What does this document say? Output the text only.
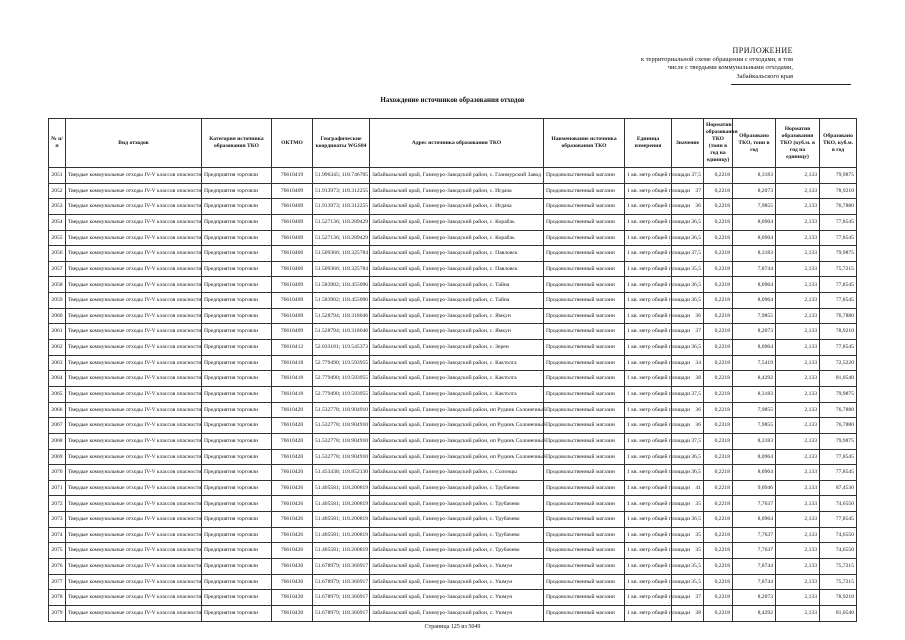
ПРИЛОЖЕНИЕ
к территориальной схеме обращения с отходами, в том
числе с твердыми коммунальными отходами,
Забайкальского края
Нахождение источников образования отходов
№ п/п	Вид отходов	Категория источника образования ТКО	ОКТМО	Географические координаты WGS84	Адрес источника образования ТКО	Наименование источника образования ТКО	Единица измерения	Значение	Норматив образования ТКО (тонн в год на единицу)	Образовано ТКО, тонн в год	Норматив образования ТКО (куб.м. в год на единицу)	Образовано ТКО, куб.м. в год
2051	Твердые коммунальные отходы IV-V классов опасности	Предприятия торговли	76610419	51.996345; 118.746705	Забайкальский край, Газимуро-Заводский район, с. Газимурский Завод	Продовольственный магазин	1 кв. метр общей площади	37,5	0,2218	8,3183	2,133	79,9875
2052	Твердые коммунальные отходы IV-V классов опасности	Предприятия торговли	76610409	51.913973; 118.312255	Забайкальский край, Газимуро-Заводский район, с. Игдача	Продовольственный магазин	1 кв. метр общей площади	37	0,2218	8,2073	2,133	78,9210
2053	Твердые коммунальные отходы IV-V классов опасности	Предприятия торговли	76610409	51.913973; 118.312255	Забайкальский край, Газимуро-Заводский район, с. Игдача	Продовольственный магазин	1 кв. метр общей площади	36	0,2218	7,9855	2,133	76,7880
2054	Твердые коммунальные отходы IV-V классов опасности	Предприятия торговли	76610409	51.527136; 118.289429	Забайкальский край, Газимуро-Заводский район, с. Корабль	Продовольственный магазин	1 кв. метр общей площади	36,5	0,2218	8,0964	2,133	77,8545
2055	Твердые коммунальные отходы IV-V классов опасности	Предприятия торговли	76610409	51.527136; 118.289429	Забайкальский край, Газимуро-Заводский район, с. Корабль	Продовольственный магазин	1 кв. метр общей площади	36,5	0,2218	8,0964	2,133	77,8545
2056	Твердые коммунальные отходы IV-V классов опасности	Предприятия торговли	76610406	51.509366; 118.325784	Забайкальский край, Газимуро-Заводский район, с. Павловск	Продовольственный магазин	1 кв. метр общей площади	37,5	0,2218	8,3183	2,133	79,9875
2057	Твердые коммунальные отходы IV-V классов опасности	Предприятия торговли	76610406	51.509366; 118.325784	Забайкальский край, Газимуро-Заводский район, с. Павловск	Продовольственный магазин	1 кв. метр общей площади	35,5	0,2218	7,8744	2,133	75,7215
2058	Твердые коммунальные отходы IV-V классов опасности	Предприятия торговли	76610409	51.583902; 118.455096	Забайкальский край, Газимуро-Заводский район, с. Тайна	Продовольственный магазин	1 кв. метр общей площади	36,5	0,2218	8,0964	2,133	77,8545
2059	Твердые коммунальные отходы IV-V классов опасности	Предприятия торговли	76610409	51.583902; 118.455096	Забайкальский край, Газимуро-Заводский район, с. Тайна	Продовольственный магазин	1 кв. метр общей площади	36,5	0,2218	8,0964	2,133	77,8545
2060	Твердые коммунальные отходы IV-V классов опасности	Предприятия торговли	76610409	51.528794; 118.318046	Забайкальский край, Газимуро-Заводский район, с. Ямкун	Продовольственный магазин	1 кв. метр общей площади	36	0,2218	7,9855	2,133	76,7880
2061	Твердые коммунальные отходы IV-V классов опасности	Предприятия торговли	76610409	51.528794; 118.318046	Забайкальский край, Газимуро-Заводский район, с. Ямкун	Продовольственный магазин	1 кв. метр общей площади	37	0,2218	8,2073	2,133	78,9210
2062	Твердые коммунальные отходы IV-V классов опасности	Предприятия торговли	76610412	52.033181; 119.545373	Забайкальский край, Газимуро-Заводский район, с. Зерен	Продовольственный магазин	1 кв. метр общей площади	36,5	0,2218	8,0964	2,133	77,8545
2063	Твердые коммунальные отходы IV-V классов опасности	Предприятия торговли	76610418	52.779490; 119.593955	Забайкальский край, Газимуро-Заводский район, с. Кактолга	Продовольственный магазин	1 кв. метр общей площади	34	0,2218	7,5419	2,133	72,5220
2064	Твердые коммунальные отходы IV-V классов опасности	Предприятия торговли	76610418	52.779490; 119.593955	Забайкальский край, Газимуро-Заводский район, с. Кактолга	Продовольственный магазин	1 кв. метр общей площади	38	0,2218	8,4292	2,133	81,0540
2065	Твердые коммунальные отходы IV-V классов опасности	Предприятия торговли	76610418	52.779490; 119.593955	Забайкальский край, Газимуро-Заводский район, с. Кактолга	Продовольственный магазин	1 кв. метр общей площади	37,5	0,2218	8,3183	2,133	79,9875
2066	Твердые коммунальные отходы IV-V классов опасности	Предприятия торговли	76610420	51.532778; 118.904910	Забайкальский край, Газимуро-Заводский район, нп Рудник Солонечный	Продовольственный магазин	1 кв. метр общей площади	36	0,2218	7,9855	2,133	76,7880
2067	Твердые коммунальные отходы IV-V классов опасности	Предприятия торговли	76610420	51.532778; 118.904910	Забайкальский край, Газимуро-Заводский район, нп Рудник Солонечный	Продовольственный магазин	1 кв. метр общей площади	36	0,2218	7,9855	2,133	76,7880
2068	Твердые коммунальные отходы IV-V классов опасности	Предприятия торговли	76610420	51.532778; 118.904910	Забайкальский край, Газимуро-Заводский район, нп Рудник Солонечный	Продовольственный магазин	1 кв. метр общей площади	37,5	0,2218	8,3183	2,133	79,9875
2069	Твердые коммунальные отходы IV-V классов опасности	Предприятия торговли	76610420	51.532778; 118.904910	Забайкальский край, Газимуро-Заводский район, нп Рудник Солонечный	Продовольственный магазин	1 кв. метр общей площади	36,5	0,2218	8,0964	2,133	77,8545
2070	Твердые коммунальные отходы IV-V классов опасности	Предприятия торговли	76610420	51.453438; 118.852130	Забайкальский край, Газимуро-Заводский район, с. Солонцы	Продовольственный магазин	1 кв. метр общей площади	36,5	0,2218	8,0964	2,133	77,8545
2071	Твердые коммунальные отходы IV-V классов опасности	Предприятия торговли	76610426	51.405581; 118.200819	Забайкальский край, Газимуро-Заводский район, с. Трубачево	Продовольственный магазин	1 кв. метр общей площади	41	0,2218	9,0946	2,133	87,4530
2072	Твердые коммунальные отходы IV-V классов опасности	Предприятия торговли	76610426	51.405581; 118.200819	Забайкальский край, Газимуро-Заводский район, с. Трубачево	Продовольственный магазин	1 кв. метр общей площади	35	0,2218	7,7637	2,133	74,6550
2073	Твердые коммунальные отходы IV-V классов опасности	Предприятия торговли	76610426	51.405581; 118.200819	Забайкальский край, Газимуро-Заводский район, с. Трубачево	Продовольственный магазин	1 кв. метр общей площади	36,5	0,2218	8,0964	2,133	77,8545
2074	Твердые коммунальные отходы IV-V классов опасности	Предприятия торговли	76610426	51.405581; 118.200819	Забайкальский край, Газимуро-Заводский район, с. Трубачево	Продовольственный магазин	1 кв. метр общей площади	35	0,2218	7,7637	2,133	74,6550
2075	Твердые коммунальные отходы IV-V классов опасности	Предприятия торговли	76610426	51.405581; 118.200819	Забайкальский край, Газимуро-Заводский район, с. Трубачево	Продовольственный магазин	1 кв. метр общей площади	35	0,2218	7,7637	2,133	74,6550
2076	Твердые коммунальные отходы IV-V классов опасности	Предприятия торговли	76610430	51.678979; 118.360917	Забайкальский край, Газимуро-Заводский район, с. Ушмун	Продовольственный магазин	1 кв. метр общей площади	35,5	0,2218	7,8744	2,133	75,7215
2077	Твердые коммунальные отходы IV-V классов опасности	Предприятия торговли	76610430	51.678979; 118.360917	Забайкальский край, Газимуро-Заводский район, с. Ушмун	Продовольственный магазин	1 кв. метр общей площади	35,5	0,2218	7,8744	2,133	75,7215
2078	Твердые коммунальные отходы IV-V классов опасности	Предприятия торговли	76610430	51.678979; 118.360917	Забайкальский край, Газимуро-Заводский район, с. Ушмун	Продовольственный магазин	1 кв. метр общей площади	37	0,2218	8,2073	2,133	78,9210
2079	Твердые коммунальные отходы IV-V классов опасности	Предприятия торговли	76610430	51.678979; 118.360917	Забайкальский край, Газимуро-Заводский район, с. Ушмун	Продовольственный магазин	1 кв. метр общей площади	38	0,2218	8,4292	2,133	81,0540
Страница 125 из 5049
